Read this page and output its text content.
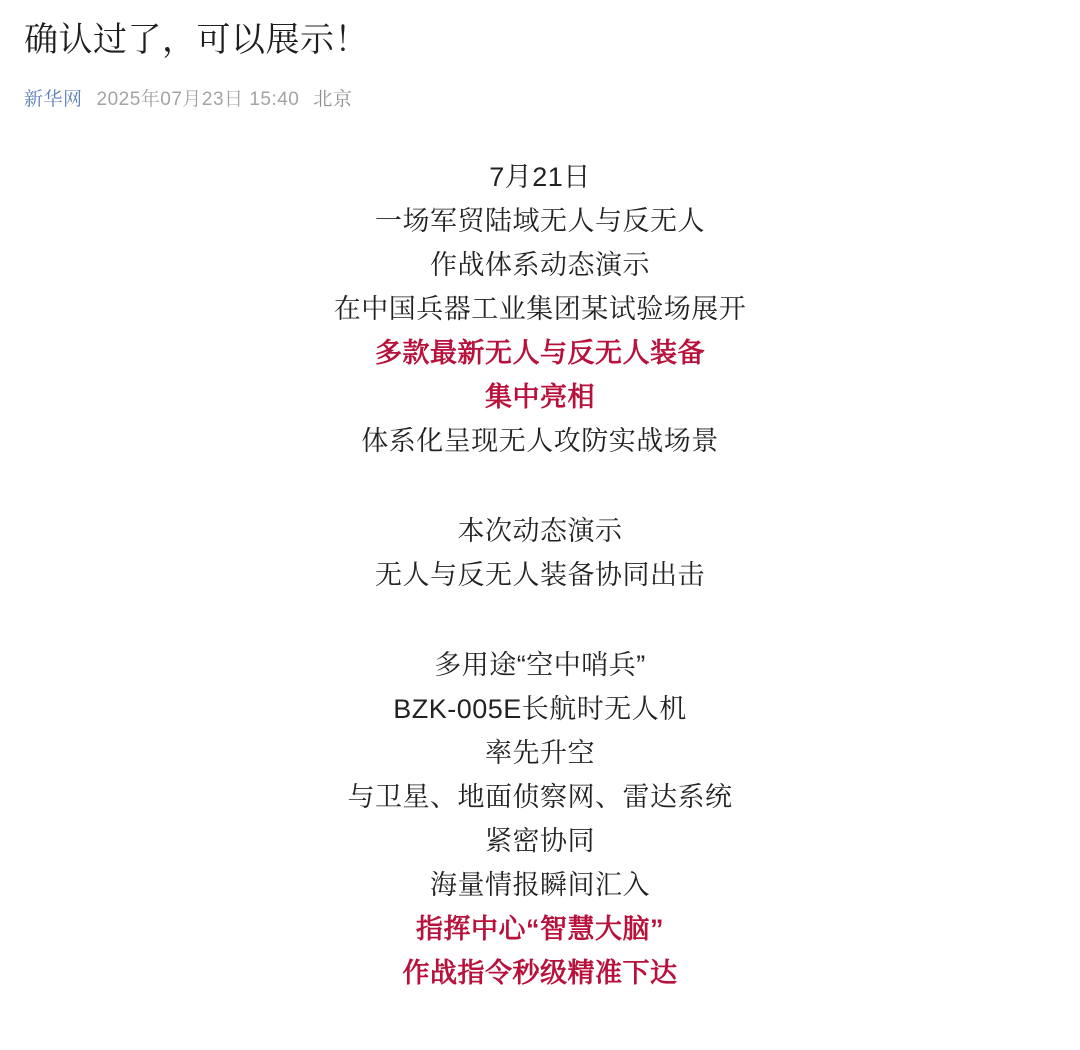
确认过了，可以展示！
新华网 2025年07月23日 15:40 北京
7月21日
一场军贸陆域无人与反无人
作战体系动态演示
在中国兵器工业集团某试验场展开
多款最新无人与反无人装备
集中亮相
体系化呈现无人攻防实战场景
本次动态演示
无人与反无人装备协同出击
多用途“空中哨兵”
BZK-005E长航时无人机
率先升空
与卫星、地面侦察网、雷达系统
紧密协同
海量情报瞬间汇入
指挥中心“智慧大脑”
作战指令秒级精准下达
